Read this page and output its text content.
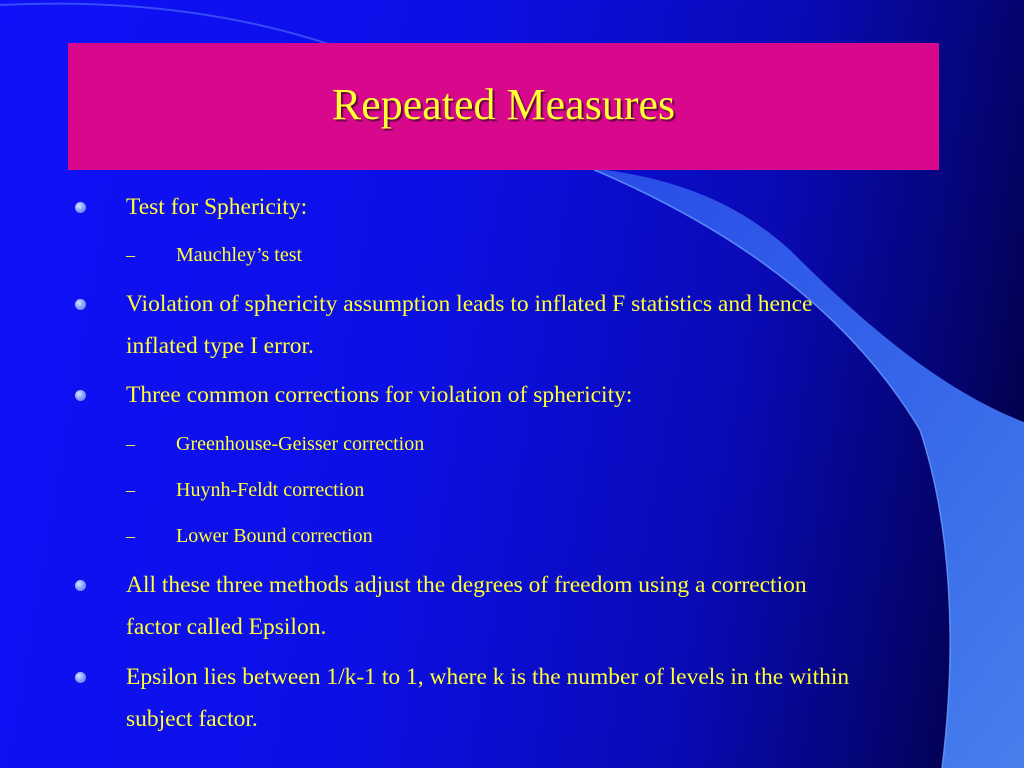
Repeated Measures
Test for Sphericity:
– Mauchley’s test
Violation of sphericity assumption leads to inflated F statistics and hence
inflated type I error.
Three common corrections for violation of sphericity:
– Greenhouse-Geisser correction
– Huynh-Feldt correction
– Lower Bound correction
All these three methods adjust the degrees of freedom using a correction
factor called Epsilon.
Epsilon lies between 1/k-1 to 1, where k is the number of levels in the within
subject factor.
